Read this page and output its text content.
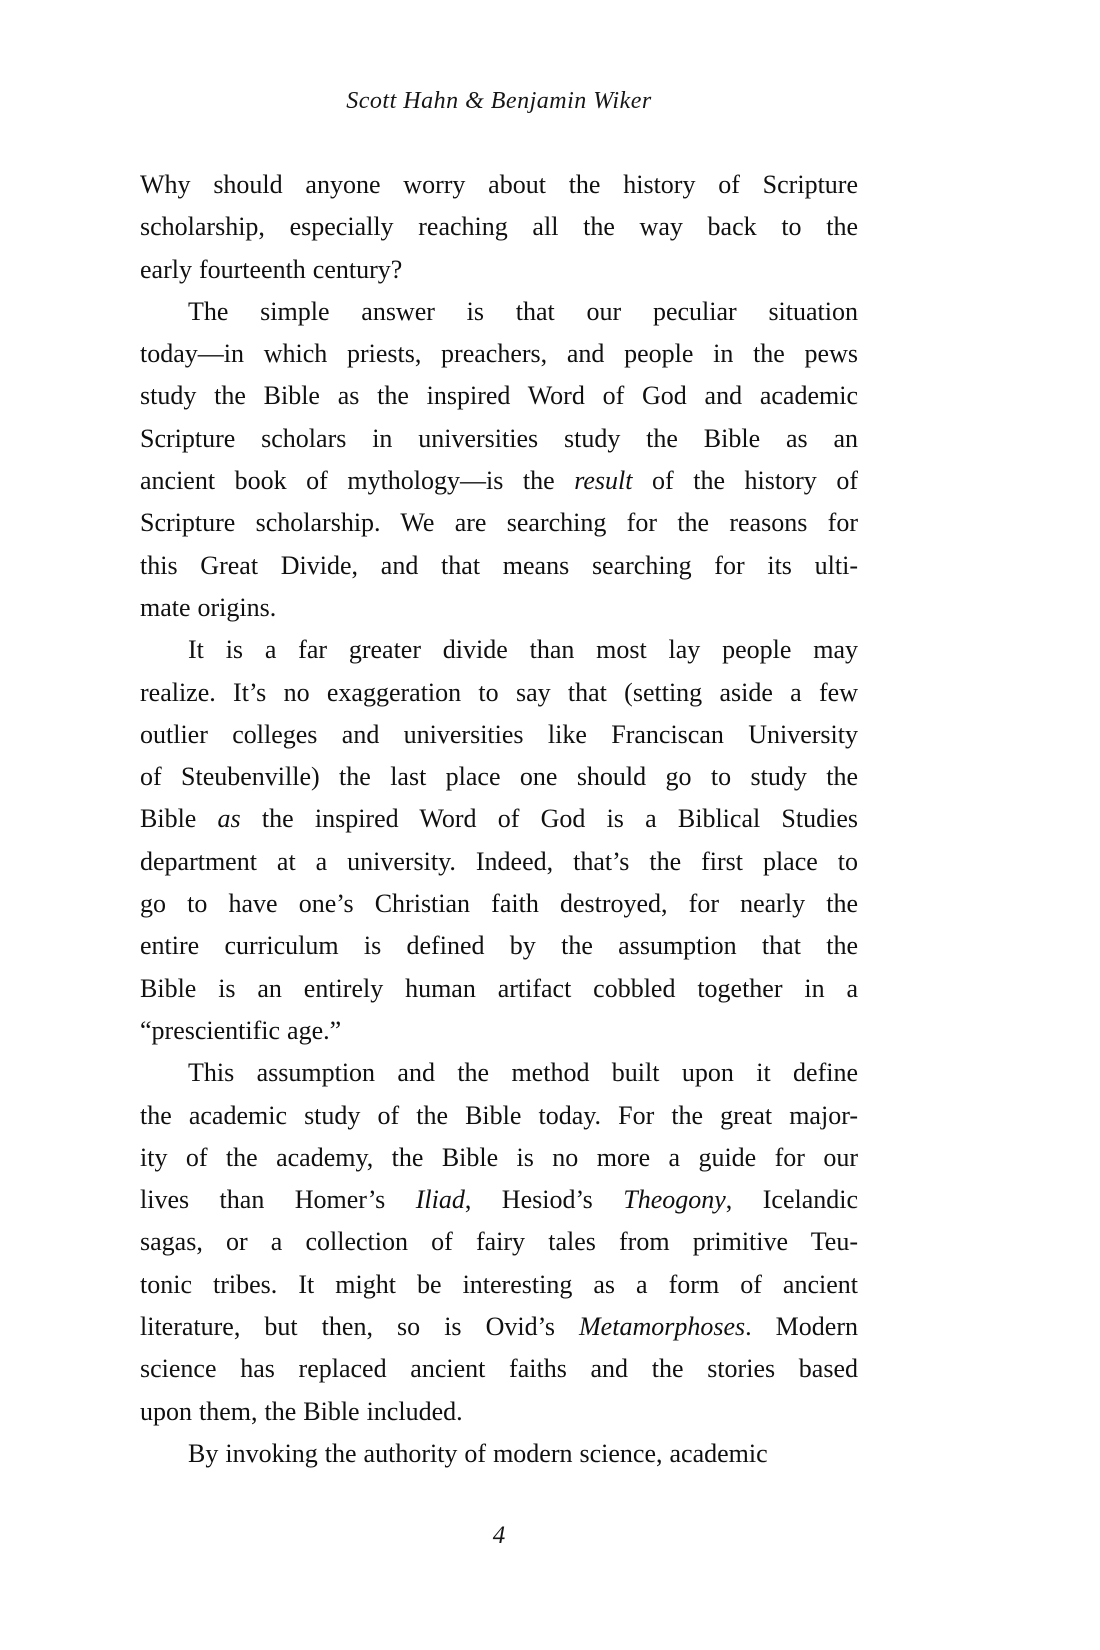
Scott Hahn & Benjamin Wiker
Why should anyone worry about the history of Scripture
scholarship, especially reaching all the way back to the
early fourteenth century?
The simple answer is that our peculiar situation
today—in which priests, preachers, and people in the pews
study the Bible as the inspired Word of God and academic
Scripture scholars in universities study the Bible as an
ancient book of mythology—is the result of the history of
Scripture scholarship. We are searching for the reasons for
this Great Divide, and that means searching for its ulti-
mate origins.
It is a far greater divide than most lay people may
realize. It’s no exaggeration to say that (setting aside a few
outlier colleges and universities like Franciscan University
of Steubenville) the last place one should go to study the
Bible as the inspired Word of God is a Biblical Studies
department at a university. Indeed, that’s the first place to
go to have one’s Christian faith destroyed, for nearly the
entire curriculum is defined by the assumption that the
Bible is an entirely human artifact cobbled together in a
“prescientific age.”
This assumption and the method built upon it define
the academic study of the Bible today. For the great major-
ity of the academy, the Bible is no more a guide for our
lives than Homer’s Iliad, Hesiod’s Theogony, Icelandic
sagas, or a collection of fairy tales from primitive Teu-
tonic tribes. It might be interesting as a form of ancient
literature, but then, so is Ovid’s Metamorphoses. Modern
science has replaced ancient faiths and the stories based
upon them, the Bible included.
By invoking the authority of modern science, academic
4
